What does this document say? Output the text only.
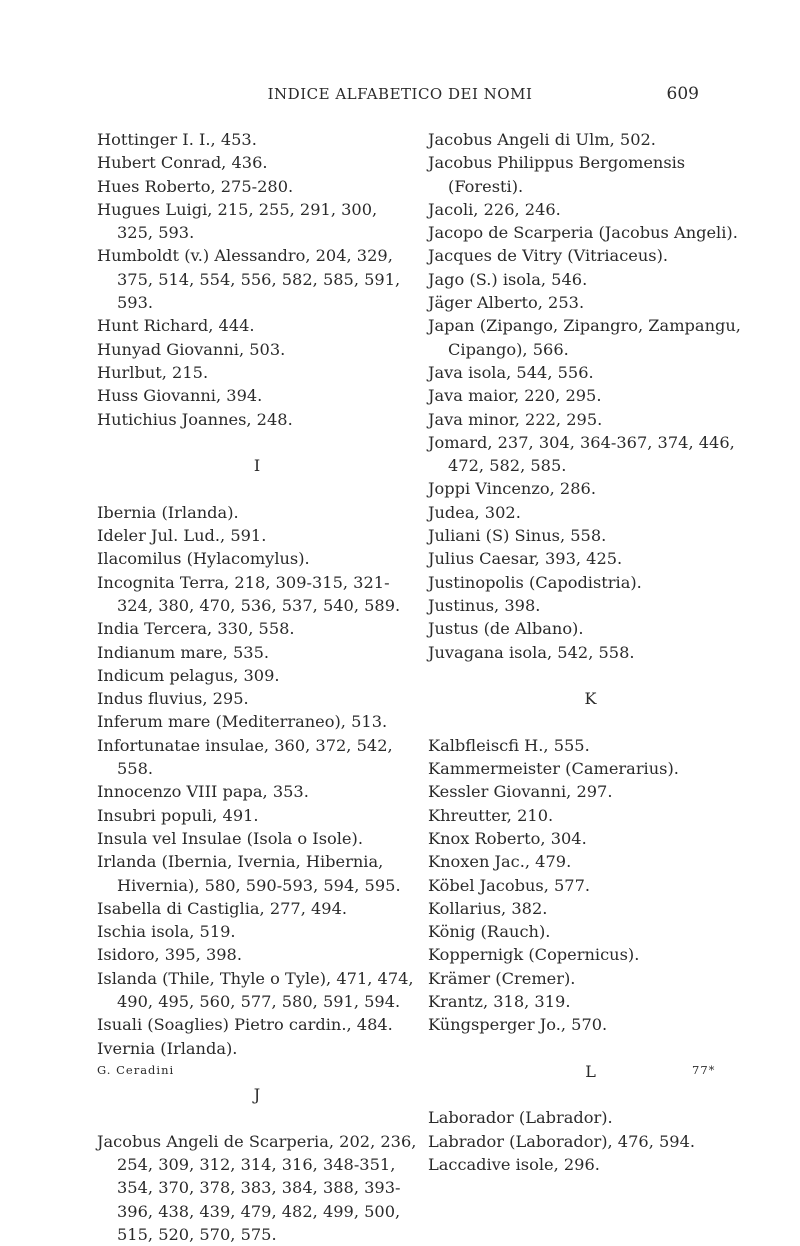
INDICE ALFABETICO DEI NOMI	609

Hottinger I. I., 453.

Hubert Conrad, 436.

Hues Roberto, 275-280.

Hugues Luigi, 215, 255, 291, 300, 325, 593.

Humboldt (v.) Alessandro, 204, 329, 375, 514, 554, 556, 582, 585, 591, 593.

Hunt Richard, 444.

Hunyad Giovanni, 503.

Hurlbut, 215.

Huss Giovanni, 394.

Hutichius Joannes, 248.

I

Ibernia (Irlanda).

Ideler Jul. Lud., 591.

Ilacomilus (Hylacomylus).

Incognita Terra, 218, 309-315, 321-324, 380, 470, 536, 537, 540, 589.

India Tercera, 330, 558.

Indianum mare, 535.

Indicum pelagus, 309.

Indus fluvius, 295.

Inferum mare (Mediterraneo), 513.

Infortunatae insulae, 360, 372, 542, 558.

Innocenzo VIII papa, 353.

Insubri populi, 491.

Insula vel Insulae (Isola o Isole).

Irlanda (Ibernia, Ivernia, Hibernia, Hivernia), 580, 590-593, 594, 595.

Isabella di Castiglia, 277, 494.

Ischia isola, 519.

Isidoro, 395, 398.

Islanda (Thile, Thyle o Tyle), 471, 474, 490, 495, 560, 577, 580, 591, 594.

Isuali (Soaglies) Pietro cardin., 484.

Ivernia (Irlanda).

J

Jacobus Angeli de Scarperia, 202, 236, 254, 309, 312, 314, 316, 348-351, 354, 370, 378, 383, 384, 388, 393-396, 438, 439, 479, 482, 499, 500, 515, 520, 570, 575.

Jacobus Angeli di Ulm, 502.

Jacobus Philippus Bergomensis (Foresti).

Jacoli, 226, 246.

Jacopo de Scarperia (Jacobus Angeli).

Jacques de Vitry (Vitriaceus).

Jago (S.) isola, 546.

Jäger Alberto, 253.

Japan (Zipango, Zipangro, Zampangu, Cipango), 566.

Java isola, 544, 556.

Java maior, 220, 295.

Java minor, 222, 295.

Jomard, 237, 304, 364-367, 374, 446, 472, 582, 585.

Joppi Vincenzo, 286.

Judea, 302.

Juliani (S) Sinus, 558.

Julius Caesar, 393, 425.

Justinopolis (Capodistria).

Justinus, 398.

Justus (de Albano).

Juvagana isola, 542, 558.

K

Kalbfleiscfi H., 555.

Kammermeister (Camerarius).

Kessler Giovanni, 297.

Khreutter, 210.

Knox Roberto, 304.

Knoxen Jac., 479.

Köbel Jacobus, 577.

Kollarius, 382.

König (Rauch).

Koppernigk (Copernicus).

Krämer (Cremer).

Krantz, 318, 319.

Küngsperger Jo., 570.

L

Laborador (Labrador).

Labrador (Laborador), 476, 594.

Laccadive isole, 296.

G. Ceradini	77*
